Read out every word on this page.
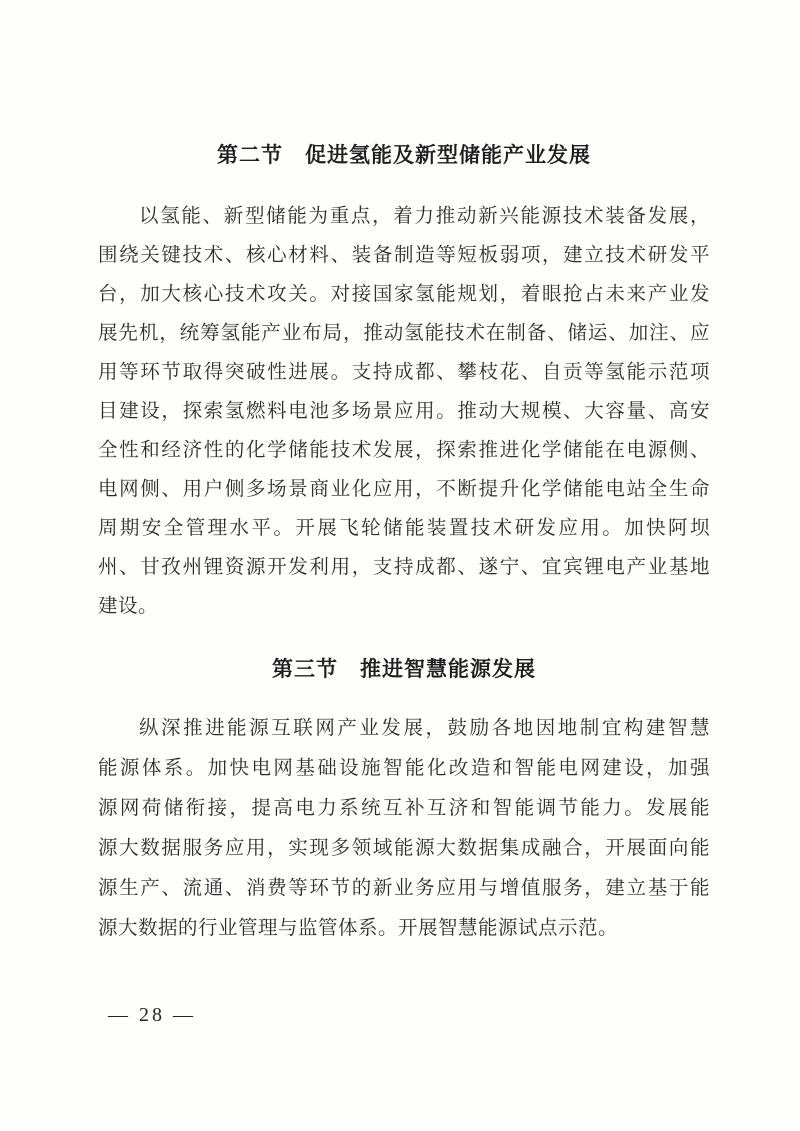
第二节　促进氢能及新型储能产业发展
以氢能、新型储能为重点，着力推动新兴能源技术装备发展，
围绕关键技术、核心材料、装备制造等短板弱项，建立技术研发平
台，加大核心技术攻关。对接国家氢能规划，着眼抢占未来产业发
展先机，统筹氢能产业布局，推动氢能技术在制备、储运、加注、应
用等环节取得突破性进展。支持成都、攀枝花、自贡等氢能示范项
目建设，探索氢燃料电池多场景应用。推动大规模、大容量、高安
全性和经济性的化学储能技术发展，探索推进化学储能在电源侧、
电网侧、用户侧多场景商业化应用，不断提升化学储能电站全生命
周期安全管理水平。开展飞轮储能装置技术研发应用。加快阿坝
州、甘孜州锂资源开发利用，支持成都、遂宁、宜宾锂电产业基地
建设。
第三节　推进智慧能源发展
纵深推进能源互联网产业发展，鼓励各地因地制宜构建智慧
能源体系。加快电网基础设施智能化改造和智能电网建设，加强
源网荷储衔接，提高电力系统互补互济和智能调节能力。发展能
源大数据服务应用，实现多领域能源大数据集成融合，开展面向能
源生产、流通、消费等环节的新业务应用与增值服务，建立基于能
源大数据的行业管理与监管体系。开展智慧能源试点示范。
— 28 —
